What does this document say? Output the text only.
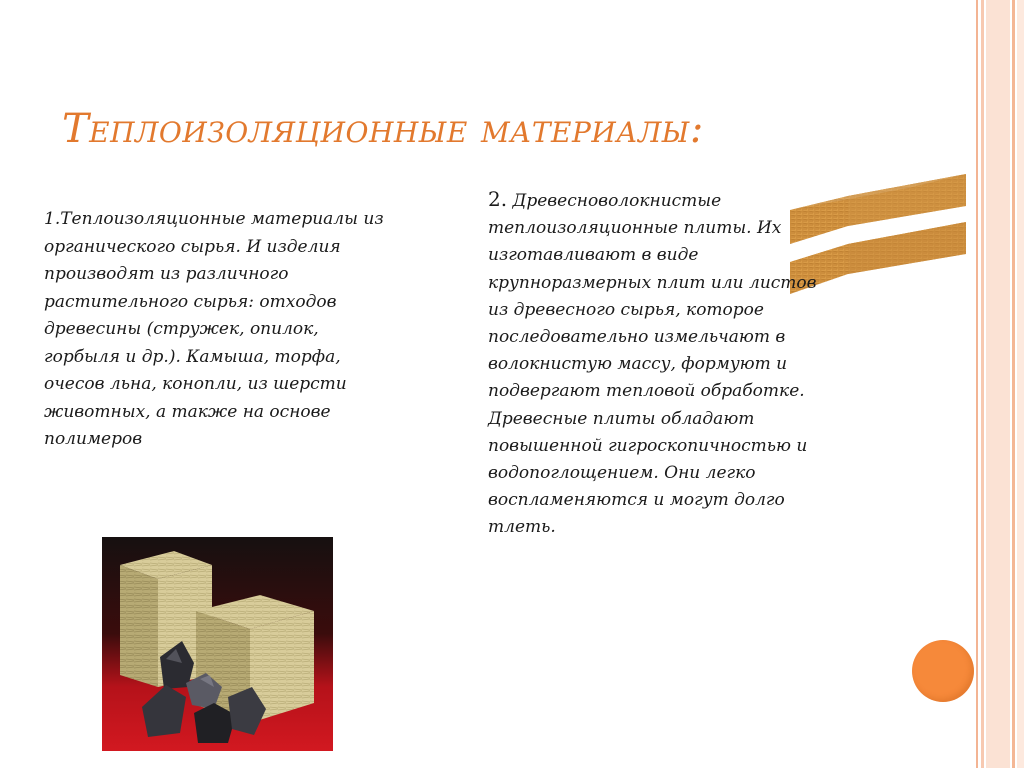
Теплоизоляционные материалы:

1.Теплоизоляционные материалы из органического сырья. И изделия производят из различного растительного сырья: отходов древесины (стружек, опилок, горбыля и др.). Камыша, торфа, очесов льна, конопли, из шерсти животных, а также на основе полимеров

2. Древесноволокнистые теплоизоляционные плиты. Их изготавливают в виде крупноразмерных плит или листов из древесного сырья, которое последовательно измельчают в волокнистую массу, формуют и подвергают тепловой обработке.
Древесные плиты обладают повышенной гигроскопичностью и водопоглощением. Они легко воспламеняются и могут долго тлеть.
